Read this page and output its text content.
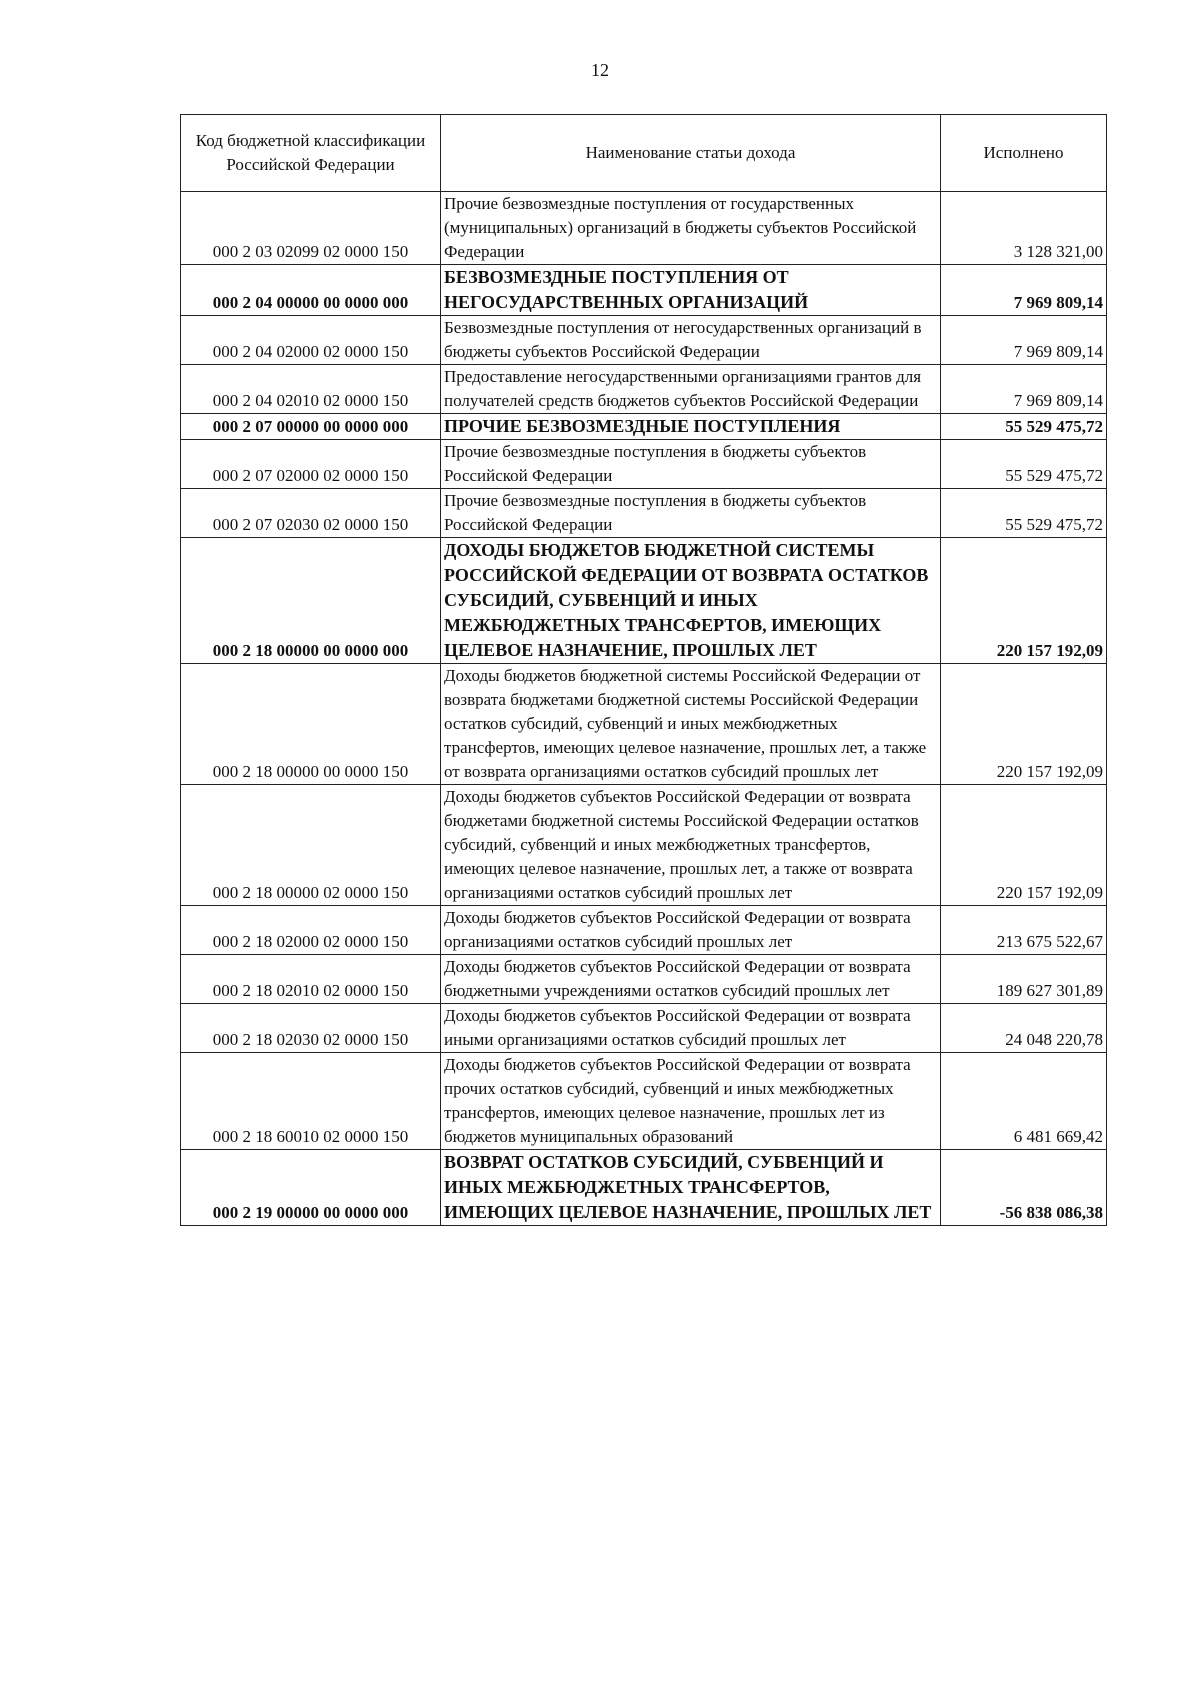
12
Код бюджетной классификации Российской Федерации	Наименование статьи дохода	Исполнено
000 2 03 02099 02 0000 150	Прочие безвозмездные поступления от государственных (муниципальных) организаций в бюджеты субъектов Российской Федерации	3 128 321,00
000 2 04 00000 00 0000 000	БЕЗВОЗМЕЗДНЫЕ ПОСТУПЛЕНИЯ ОТ НЕГОСУДАРСТВЕННЫХ ОРГАНИЗАЦИЙ	7 969 809,14
000 2 04 02000 02 0000 150	Безвозмездные поступления от негосударственных организаций в бюджеты субъектов Российской Федерации	7 969 809,14
000 2 04 02010 02 0000 150	Предоставление негосударственными организациями грантов для получателей средств бюджетов субъектов Российской Федерации	7 969 809,14
000 2 07 00000 00 0000 000	ПРОЧИЕ БЕЗВОЗМЕЗДНЫЕ ПОСТУПЛЕНИЯ	55 529 475,72
000 2 07 02000 02 0000 150	Прочие безвозмездные поступления в бюджеты субъектов Российской Федерации	55 529 475,72
000 2 07 02030 02 0000 150	Прочие безвозмездные поступления в бюджеты субъектов Российской Федерации	55 529 475,72
000 2 18 00000 00 0000 000	ДОХОДЫ БЮДЖЕТОВ БЮДЖЕТНОЙ СИСТЕМЫ РОССИЙСКОЙ ФЕДЕРАЦИИ ОТ ВОЗВРАТА ОСТАТКОВ СУБСИДИЙ, СУБВЕНЦИЙ И ИНЫХ МЕЖБЮДЖЕТНЫХ ТРАНСФЕРТОВ, ИМЕЮЩИХ ЦЕЛЕВОЕ НАЗНАЧЕНИЕ, ПРОШЛЫХ ЛЕТ	220 157 192,09
000 2 18 00000 00 0000 150	Доходы бюджетов бюджетной системы Российской Федерации от возврата бюджетами бюджетной системы Российской Федерации остатков субсидий, субвенций и иных межбюджетных трансфертов, имеющих целевое назначение, прошлых лет, а также от возврата организациями остатков субсидий прошлых лет	220 157 192,09
000 2 18 00000 02 0000 150	Доходы бюджетов субъектов Российской Федерации от возврата бюджетами бюджетной системы Российской Федерации остатков субсидий, субвенций и иных межбюджетных трансфертов, имеющих целевое назначение, прошлых лет, а также от возврата организациями остатков субсидий прошлых лет	220 157 192,09
000 2 18 02000 02 0000 150	Доходы бюджетов субъектов Российской Федерации от возврата организациями остатков субсидий прошлых лет	213 675 522,67
000 2 18 02010 02 0000 150	Доходы бюджетов субъектов Российской Федерации от возврата бюджетными учреждениями остатков субсидий прошлых лет	189 627 301,89
000 2 18 02030 02 0000 150	Доходы бюджетов субъектов Российской Федерации от возврата иными организациями остатков субсидий прошлых лет	24 048 220,78
000 2 18 60010 02 0000 150	Доходы бюджетов субъектов Российской Федерации от возврата прочих остатков субсидий, субвенций и иных межбюджетных трансфертов, имеющих целевое назначение, прошлых лет из бюджетов муниципальных образований	6 481 669,42
000 2 19 00000 00 0000 000	ВОЗВРАТ ОСТАТКОВ СУБСИДИЙ, СУБВЕНЦИЙ И ИНЫХ МЕЖБЮДЖЕТНЫХ ТРАНСФЕРТОВ, ИМЕЮЩИХ ЦЕЛЕВОЕ НАЗНАЧЕНИЕ, ПРОШЛЫХ ЛЕТ	-56 838 086,38
